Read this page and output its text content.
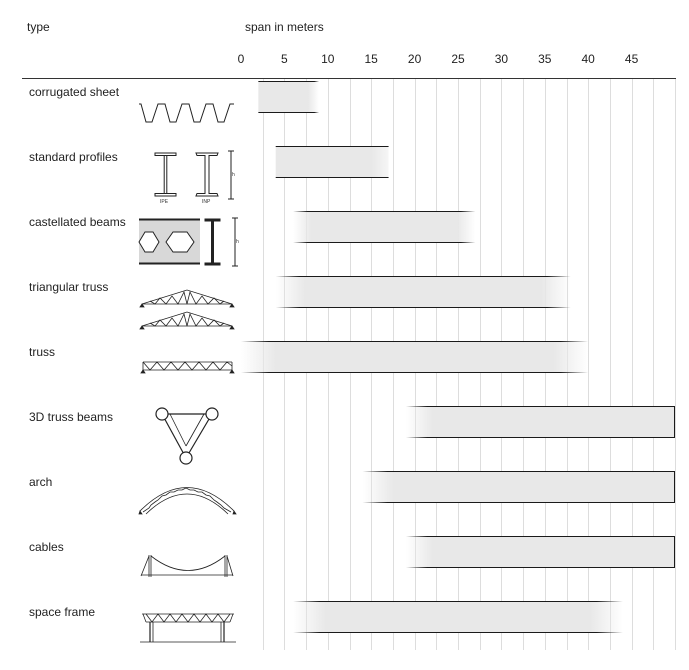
type	span in meters
0	5	10	15	20	25	30	35	40	45
corrugated sheet
standard profiles
castellated beams
triangular truss
truss
3D truss beams
arch
cables
space frame
IPE	INP
h
h
